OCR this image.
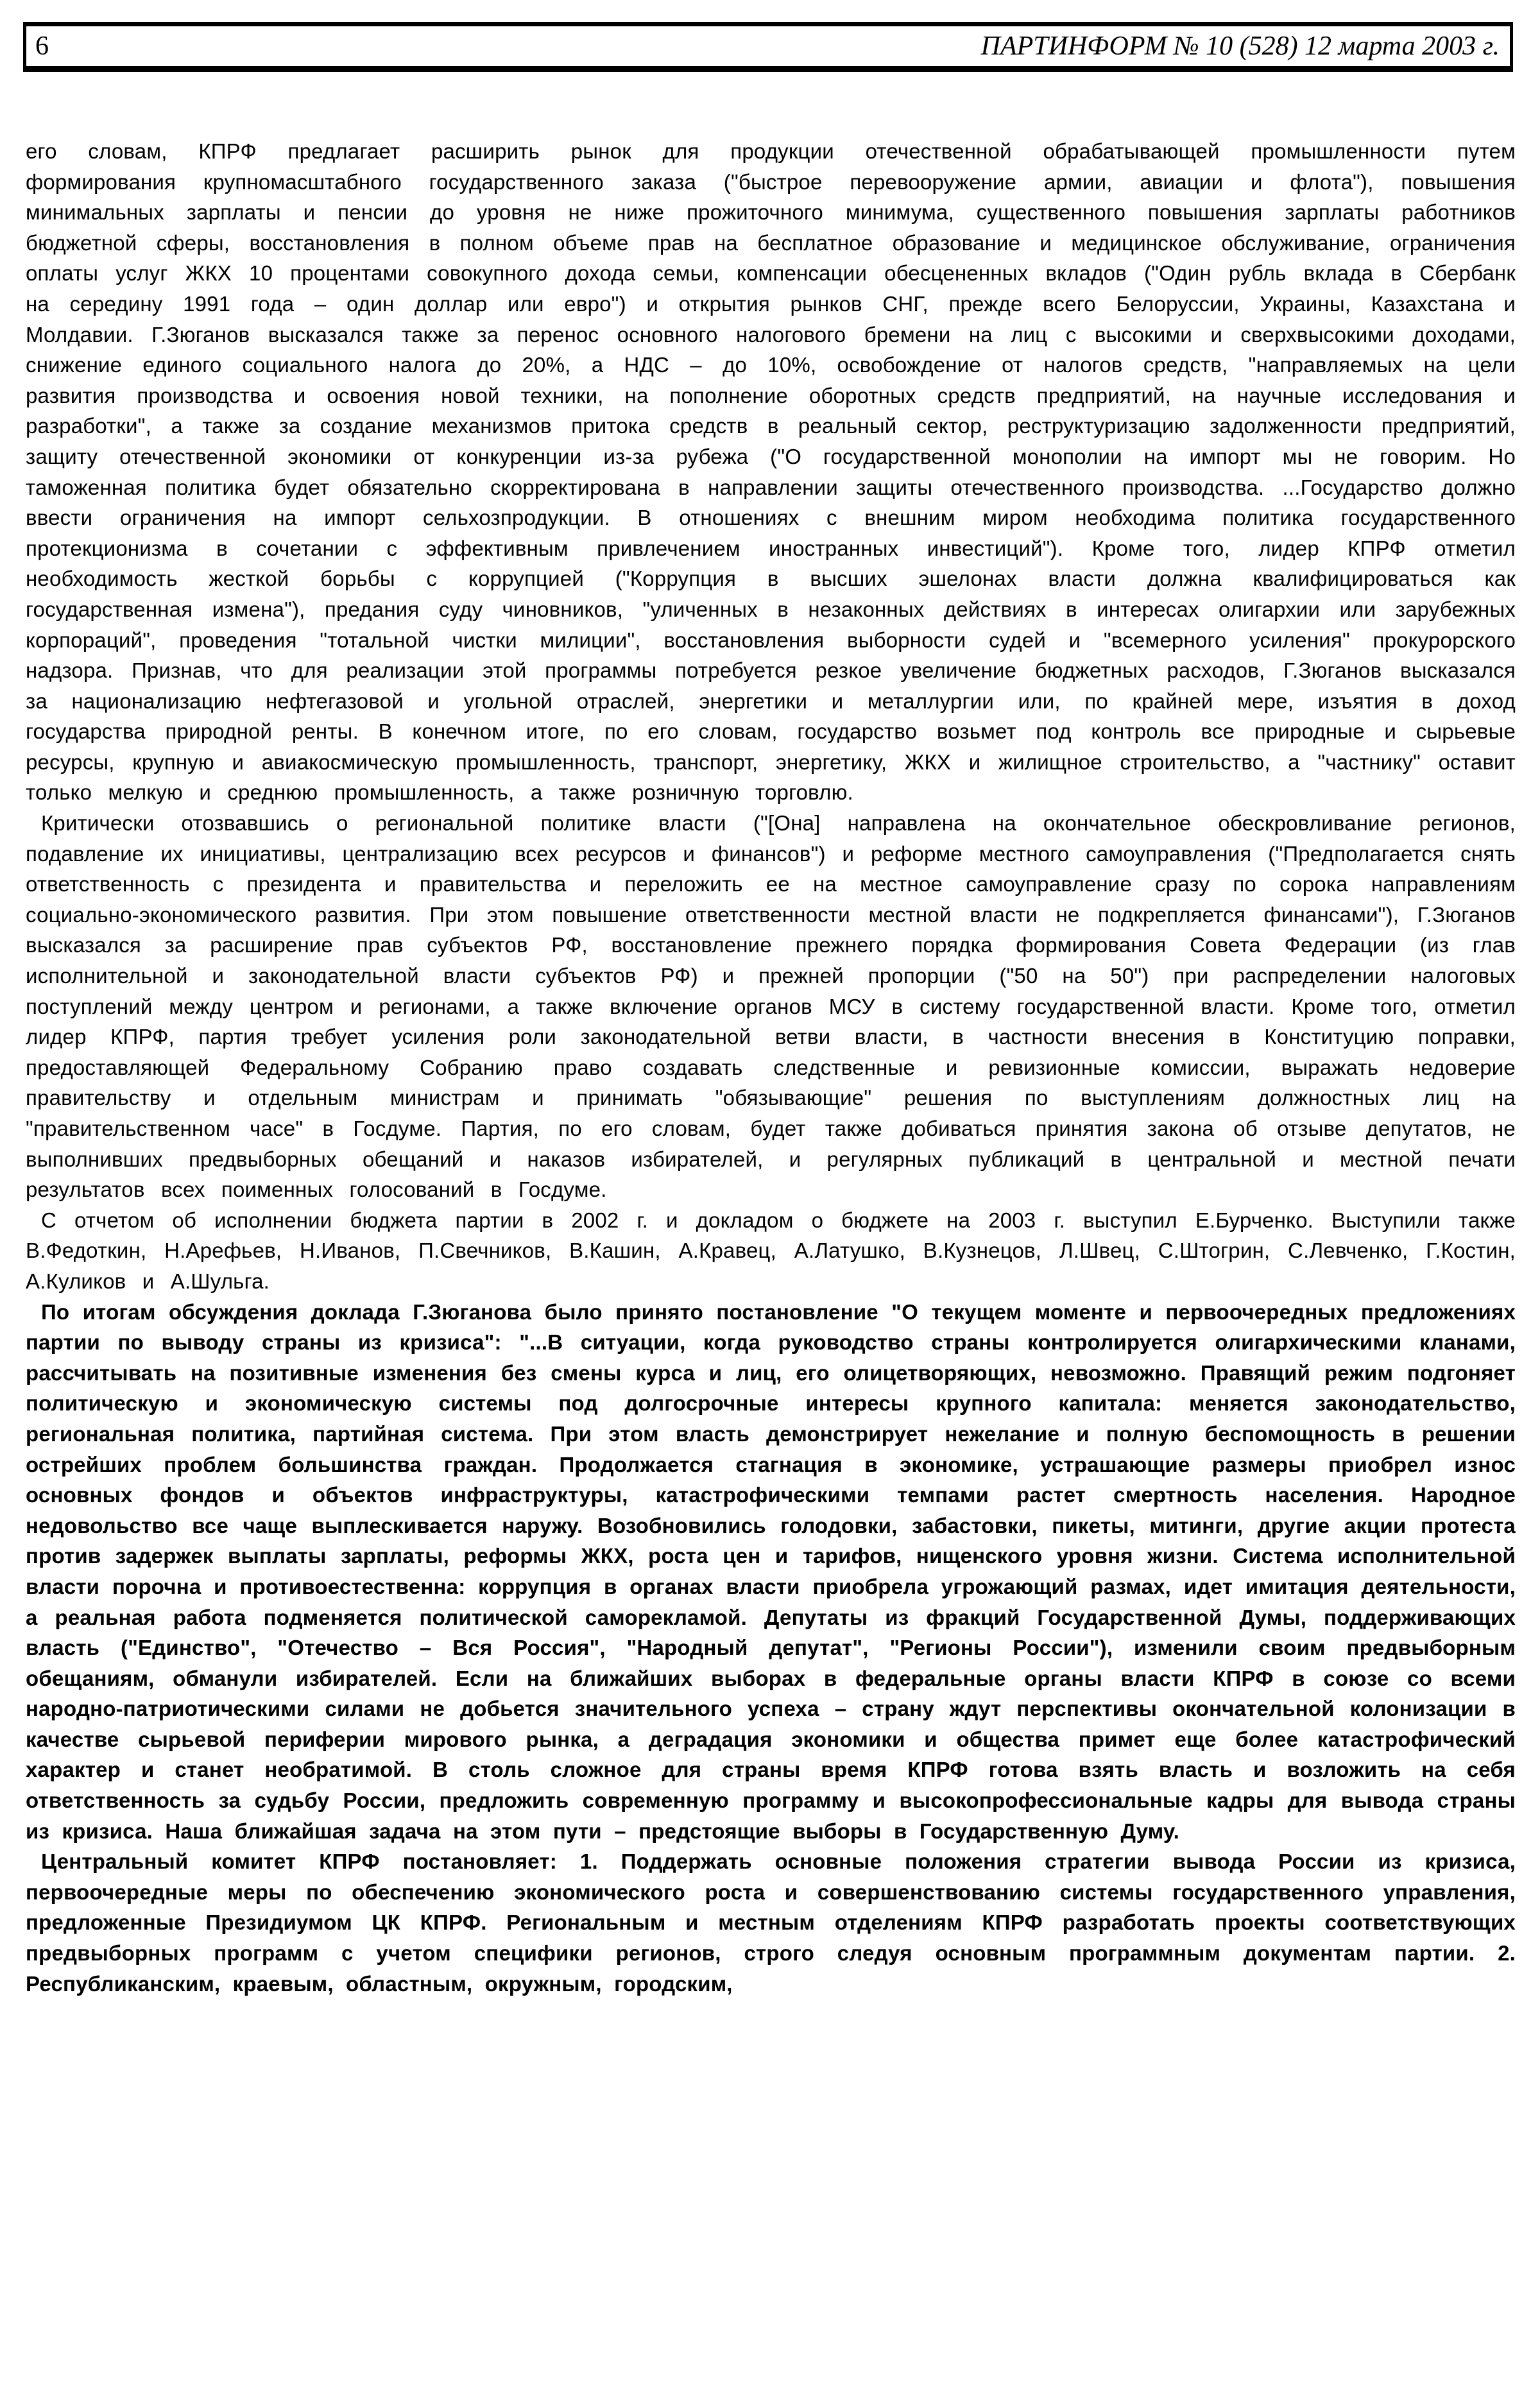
6	ПАРТИНФОРМ № 10 (528) 12 марта 2003 г.

его словам, КПРФ предлагает расширить рынок для продукции отечественной обрабатывающей промышленности путем формирования крупномасштабного государственного заказа ("быстрое перевооружение армии, авиации и флота"), повышения минимальных зарплаты и пенсии до уровня не ниже прожиточного минимума, существенного повышения зарплаты работников бюджетной сферы, восстановления в полном объеме прав на бесплатное образование и медицинское обслуживание, ограничения оплаты услуг ЖКХ 10 процентами совокупного дохода семьи, компенсации обесцененных вкладов ("Один рубль вклада в Сбербанк на середину 1991 года – один доллар или евро") и открытия рынков СНГ, прежде всего Белоруссии, Украины, Казахстана и Молдавии. Г.Зюганов высказался также за перенос основного налогового бремени на лиц с высокими и сверхвысокими доходами, снижение единого социального налога до 20%, а НДС – до 10%, освобождение от налогов средств, "направляемых на цели развития производства и освоения новой техники, на пополнение оборотных средств предприятий, на научные исследования и разработки", а также за создание механизмов притока средств в реальный сектор, реструктуризацию задолженности предприятий, защиту отечественной экономики от конкуренции из-за рубежа ("О государственной монополии на импорт мы не говорим. Но таможенная политика будет обязательно скорректирована в направлении защиты отечественного производства. ...Государство должно ввести ограничения на импорт сельхозпродукции. В отношениях с внешним миром необходима политика государственного протекционизма в сочетании с эффективным привлечением иностранных инвестиций"). Кроме того, лидер КПРФ отметил необходимость жесткой борьбы с коррупцией ("Коррупция в высших эшелонах власти должна квалифицироваться как государственная измена"), предания суду чиновников, "уличенных в незаконных действиях в интересах олигархии или зарубежных корпораций", проведения "тотальной чистки милиции", восстановления выборности судей и "всемерного усиления" прокурорского надзора. Признав, что для реализации этой программы потребуется резкое увеличение бюджетных расходов, Г.Зюганов высказался за национализацию нефтегазовой и угольной отраслей, энергетики и металлургии или, по крайней мере, изъятия в доход государства природной ренты. В конечном итоге, по его словам, государство возьмет под контроль все природные и сырьевые ресурсы, крупную и авиакосмическую промышленность, транспорт, энергетику, ЖКХ и жилищное строительство, а "частнику" оставит только мелкую и среднюю промышленность, а также розничную торговлю.

Критически отозвавшись о региональной политике власти ("[Она] направлена на окончательное обескровливание регионов, подавление их инициативы, централизацию всех ресурсов и финансов") и реформе местного самоуправления ("Предполагается снять ответственность с президента и правительства и переложить ее на местное самоуправление сразу по сорока направлениям социально-экономического развития. При этом повышение ответственности местной власти не подкрепляется финансами"), Г.Зюганов высказался за расширение прав субъектов РФ, восстановление прежнего порядка формирования Совета Федерации (из глав исполнительной и законодательной власти субъектов РФ) и прежней пропорции ("50 на 50") при распределении налоговых поступлений между центром и регионами, а также включение органов МСУ в систему государственной власти. Кроме того, отметил лидер КПРФ, партия требует усиления роли законодательной ветви власти, в частности внесения в Конституцию поправки, предоставляющей Федеральному Собранию право создавать следственные и ревизионные комиссии, выражать недоверие правительству и отдельным министрам и принимать "обязывающие" решения по выступлениям должностных лиц на "правительственном часе" в Госдуме. Партия, по его словам, будет также добиваться принятия закона об отзыве депутатов, не выполнивших предвыборных обещаний и наказов избирателей, и регулярных публикаций в центральной и местной печати результатов всех поименных голосований в Госдуме.

С отчетом об исполнении бюджета партии в 2002 г. и докладом о бюджете на 2003 г. выступил Е.Бурченко. Выступили также В.Федоткин, Н.Арефьев, Н.Иванов, П.Свечников, В.Кашин, А.Кравец, А.Латушко, В.Кузнецов, Л.Швец, С.Штогрин, С.Левченко, Г.Костин, А.Куликов и А.Шульга.

По итогам обсуждения доклада Г.Зюганова было принято постановление "О текущем моменте и первоочередных предложениях партии по выводу страны из кризиса": "...В ситуации, когда руководство страны контролируется олигархическими кланами, рассчитывать на позитивные изменения без смены курса и лиц, его олицетворяющих, невозможно. Правящий режим подгоняет политическую и экономическую системы под долгосрочные интересы крупного капитала: меняется законодательство, региональная политика, партийная система. При этом власть демонстрирует нежелание и полную беспомощность в решении острейших проблем большинства граждан. Продолжается стагнация в экономике, устрашающие размеры приобрел износ основных фондов и объектов инфраструктуры, катастрофическими темпами растет смертность населения. Народное недовольство все чаще выплескивается наружу. Возобновились голодовки, забастовки, пикеты, митинги, другие акции протеста против задержек выплаты зарплаты, реформы ЖКХ, роста цен и тарифов, нищенского уровня жизни. Система исполнительной власти порочна и противоестественна: коррупция в органах власти приобрела угрожающий размах, идет имитация деятельности, а реальная работа подменяется политической саморекламой. Депутаты из фракций Государственной Думы, поддерживающих власть ("Единство", "Отечество – Вся Россия", "Народный депутат", "Регионы России"), изменили своим предвыборным обещаниям, обманули избирателей. Если на ближайших выборах в федеральные органы власти КПРФ в союзе со всеми народно-патриотическими силами не добьется значительного успеха – страну ждут перспективы окончательной колонизации в качестве сырьевой периферии мирового рынка, а деградация экономики и общества примет еще более катастрофический характер и станет необратимой. В столь сложное для страны время КПРФ готова взять власть и возложить на себя ответственность за судьбу России, предложить современную программу и высокопрофессиональные кадры для вывода страны из кризиса. Наша ближайшая задача на этом пути – предстоящие выборы в Государственную Думу.

Центральный комитет КПРФ постановляет: 1. Поддержать основные положения стратегии вывода России из кризиса, первоочередные меры по обеспечению экономического роста и совершенствованию системы государственного управления, предложенные Президиумом ЦК КПРФ. Региональным и местным отделениям КПРФ разработать проекты соответствующих предвыборных программ с учетом специфики регионов, строго следуя основным программным документам партии. 2. Республиканским, краевым, областным, окружным, городским,
